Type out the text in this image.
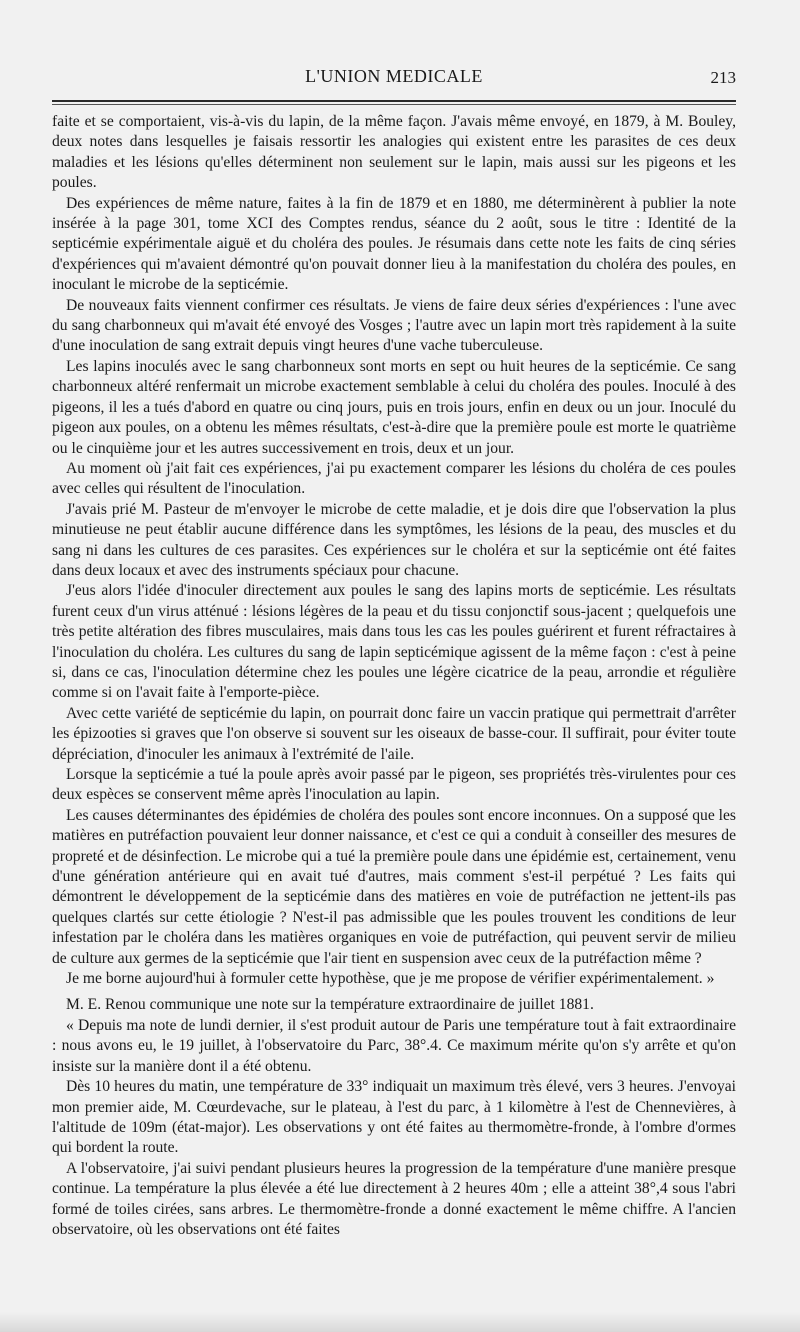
L'UNION MEDICALE	213

faite et se comportaient, vis-à-vis du lapin, de la même façon. J'avais même envoyé, en 1879, à M. Bouley, deux notes dans lesquelles je faisais ressortir les analogies qui existent entre les parasites de ces deux maladies et les lésions qu'elles déterminent non seulement sur le lapin, mais aussi sur les pigeons et les poules.

Des expériences de même nature, faites à la fin de 1879 et en 1880, me déterminèrent à publier la note insérée à la page 301, tome XCI des Comptes rendus, séance du 2 août, sous le titre : Identité de la septicémie expérimentale aiguë et du choléra des poules. Je résumais dans cette note les faits de cinq séries d'expériences qui m'avaient démontré qu'on pouvait donner lieu à la manifestation du choléra des poules, en inoculant le microbe de la septicémie.

De nouveaux faits viennent confirmer ces résultats. Je viens de faire deux séries d'expériences : l'une avec du sang charbonneux qui m'avait été envoyé des Vosges ; l'autre avec un lapin mort très rapidement à la suite d'une inoculation de sang extrait depuis vingt heures d'une vache tuberculeuse.

Les lapins inoculés avec le sang charbonneux sont morts en sept ou huit heures de la septicémie. Ce sang charbonneux altéré renfermait un microbe exactement semblable à celui du choléra des poules. Inoculé à des pigeons, il les a tués d'abord en quatre ou cinq jours, puis en trois jours, enfin en deux ou un jour. Inoculé du pigeon aux poules, on a obtenu les mêmes résultats, c'est-à-dire que la première poule est morte le quatrième ou le cinquième jour et les autres successivement en trois, deux et un jour.

Au moment où j'ait fait ces expériences, j'ai pu exactement comparer les lésions du choléra de ces poules avec celles qui résultent de l'inoculation.

J'avais prié M. Pasteur de m'envoyer le microbe de cette maladie, et je dois dire que l'observation la plus minutieuse ne peut établir aucune différence dans les symptômes, les lésions de la peau, des muscles et du sang ni dans les cultures de ces parasites. Ces expériences sur le choléra et sur la septicémie ont été faites dans deux locaux et avec des instruments spéciaux pour chacune.

J'eus alors l'idée d'inoculer directement aux poules le sang des lapins morts de septicémie. Les résultats furent ceux d'un virus atténué : lésions légères de la peau et du tissu conjonctif sous-jacent ; quelquefois une très petite altération des fibres musculaires, mais dans tous les cas les poules guérirent et furent réfractaires à l'inoculation du choléra. Les cultures du sang de lapin septicémique agissent de la même façon : c'est à peine si, dans ce cas, l'inoculation détermine chez les poules une légère cicatrice de la peau, arrondie et régulière comme si on l'avait faite à l'emporte-pièce.

Avec cette variété de septicémie du lapin, on pourrait donc faire un vaccin pratique qui permettrait d'arrêter les épizooties si graves que l'on observe si souvent sur les oiseaux de basse-cour. Il suffirait, pour éviter toute dépréciation, d'inoculer les animaux à l'extrémité de l'aile.

Lorsque la septicémie a tué la poule après avoir passé par le pigeon, ses propriétés très-virulentes pour ces deux espèces se conservent même après l'inoculation au lapin.

Les causes déterminantes des épidémies de choléra des poules sont encore inconnues. On a supposé que les matières en putréfaction pouvaient leur donner naissance, et c'est ce qui a conduit à conseiller des mesures de propreté et de désinfection. Le microbe qui a tué la première poule dans une épidémie est, certainement, venu d'une génération antérieure qui en avait tué d'autres, mais comment s'est-il perpétué ? Les faits qui démontrent le développement de la septicémie dans des matières en voie de putréfaction ne jettent-ils pas quelques clartés sur cette étiologie ? N'est-il pas admissible que les poules trouvent les conditions de leur infestation par le choléra dans les matières organiques en voie de putréfaction, qui peuvent servir de milieu de culture aux germes de la septicémie que l'air tient en suspension avec ceux de la putréfaction même ?

Je me borne aujourd'hui à formuler cette hypothèse, que je me propose de vérifier expérimentalement. »

M. E. Renou communique une note sur la température extraordinaire de juillet 1881.

« Depuis ma note de lundi dernier, il s'est produit autour de Paris une température tout à fait extraordinaire : nous avons eu, le 19 juillet, à l'observatoire du Parc, 38°.4. Ce maximum mérite qu'on s'y arrête et qu'on insiste sur la manière dont il a été obtenu.

Dès 10 heures du matin, une température de 33° indiquait un maximum très élevé, vers 3 heures. J'envoyai mon premier aide, M. Cœurdevache, sur le plateau, à l'est du parc, à 1 kilomètre à l'est de Chennevières, à l'altitude de 109m (état-major). Les observations y ont été faites au thermomètre-fronde, à l'ombre d'ormes qui bordent la route.

A l'observatoire, j'ai suivi pendant plusieurs heures la progression de la température d'une manière presque continue. La température la plus élevée a été lue directement à 2 heures 40m ; elle a atteint 38°,4 sous l'abri formé de toiles cirées, sans arbres. Le thermomètre-fronde a donné exactement le même chiffre. A l'ancien observatoire, où les observations ont été faites
